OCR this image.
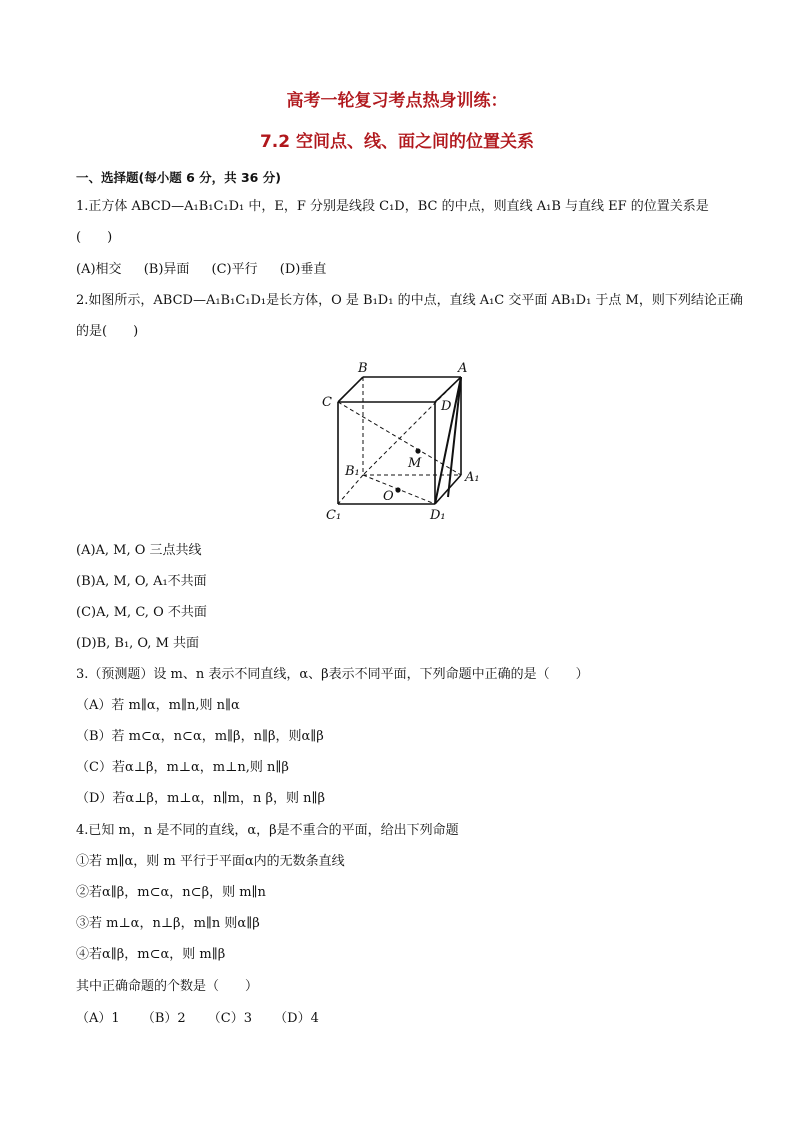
高考一轮复习考点热身训练：
7.2 空间点、线、面之间的位置关系
一、选择题(每小题 6 分，共 36 分)
1.正方体 ABCD—A₁B₁C₁D₁ 中，E，F 分别是线段 C₁D，BC 的中点，则直线 A₁B 与直线 EF 的位置关系是
(　　)
(A)相交 (B)异面 (C)平行 (D)垂直
2.如图所示，ABCD—A₁B₁C₁D₁是长方体，O 是 B₁D₁ 的中点，直线 A₁C 交平面 AB₁D₁ 于点 M，则下列结论正确
的是(　　)
B	A
C	D
M
B₁	A₁
O
C₁	D₁
(A)A, M, O 三点共线
(B)A, M, O, A₁不共面
(C)A, M, C, O 不共面
(D)B, B₁, O, M 共面
3.（预测题）设 m、n 表示不同直线，α、β表示不同平面，下列命题中正确的是（　　）
（A）若 m∥α，m∥n,则 n∥α
（B）若 m⊂α，n⊂α，m∥β，n∥β，则α∥β
（C）若α⊥β，m⊥α，m⊥n,则 n∥β
（D）若α⊥β，m⊥α，n∥m，n β，则 n∥β
4.已知 m，n 是不同的直线，α，β是不重合的平面，给出下列命题
①若 m∥α，则 m 平行于平面α内的无数条直线
②若α∥β，m⊂α，n⊂β，则 m∥n
③若 m⊥α，n⊥β，m∥n 则α∥β
④若α∥β，m⊂α，则 m∥β
其中正确命题的个数是（　　）
（A）1 （B）2 （C）3 （D）4
